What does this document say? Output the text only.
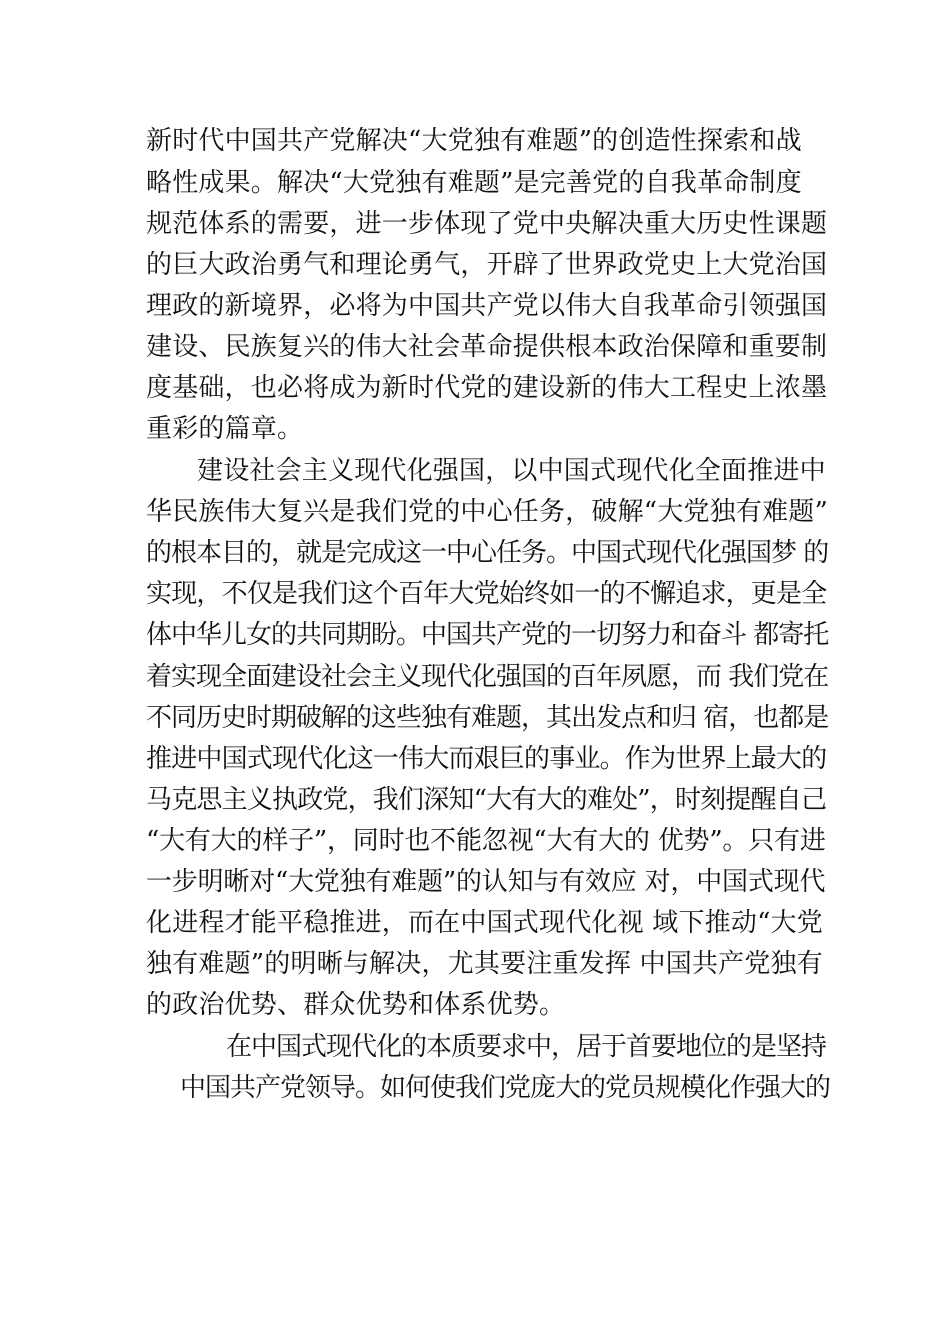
新时代中国共产党解决“大党独有难题”的创造性探索和战

略性成果。解决“大党独有难题”是完善党的自我革命制度

规范体系的需要，进一步体现了党中央解决重大历史性课题

的巨大政治勇气和理论勇气，开辟了世界政党史上大党治国

理政的新境界，必将为中国共产党以伟大自我革命引领强国

建设、民族复兴的伟大社会革命提供根本政治保障和重要制

度基础，也必将成为新时代党的建设新的伟大工程史上浓墨

重彩的篇章。

建设社会主义现代化强国，以中国式现代化全面推进中

华民族伟大复兴是我们党的中心任务，破解“大党独有难题”

的根本目的，就是完成这一中心任务。中国式现代化强国梦 的

实现，不仅是我们这个百年大党始终如一的不懈追求，更是全

体中华儿女的共同期盼。中国共产党的一切努力和奋斗 都寄托

着实现全面建设社会主义现代化强国的百年夙愿，而 我们党在

不同历史时期破解的这些独有难题，其出发点和归 宿，也都是

推进中国式现代化这一伟大而艰巨的事业。作为世界上最大的

马克思主义执政党，我们深知“大有大的难处”，时刻提醒自己

“大有大的样子”，同时也不能忽视“大有大的 优势”。只有进

一步明晰对“大党独有难题”的认知与有效应 对，中国式现代

化进程才能平稳推进，而在中国式现代化视 域下推动“大党

独有难题”的明晰与解决，尤其要注重发挥 中国共产党独有

的政治优势、群众优势和体系优势。

在中国式现代化的本质要求中，居于首要地位的是坚持

中国共产党领导。如何使我们党庞大的党员规模化作强大的
